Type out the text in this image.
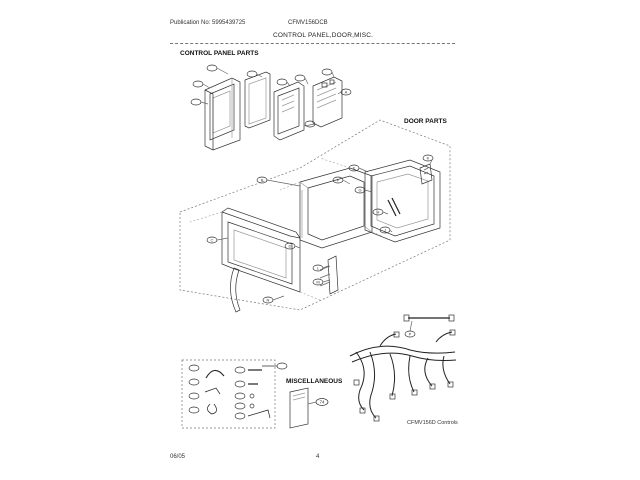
Publication No: 5995439725	CFMV156DCB
CONTROL PANEL,DOOR,MISC.
CONTROL PANEL PARTS
DOOR PARTS
MISCELLANEOUS
CFMV156D Controls
06/05	4
A
B
C
D
E
F
G
H
J
K
L
M
N
P
74
